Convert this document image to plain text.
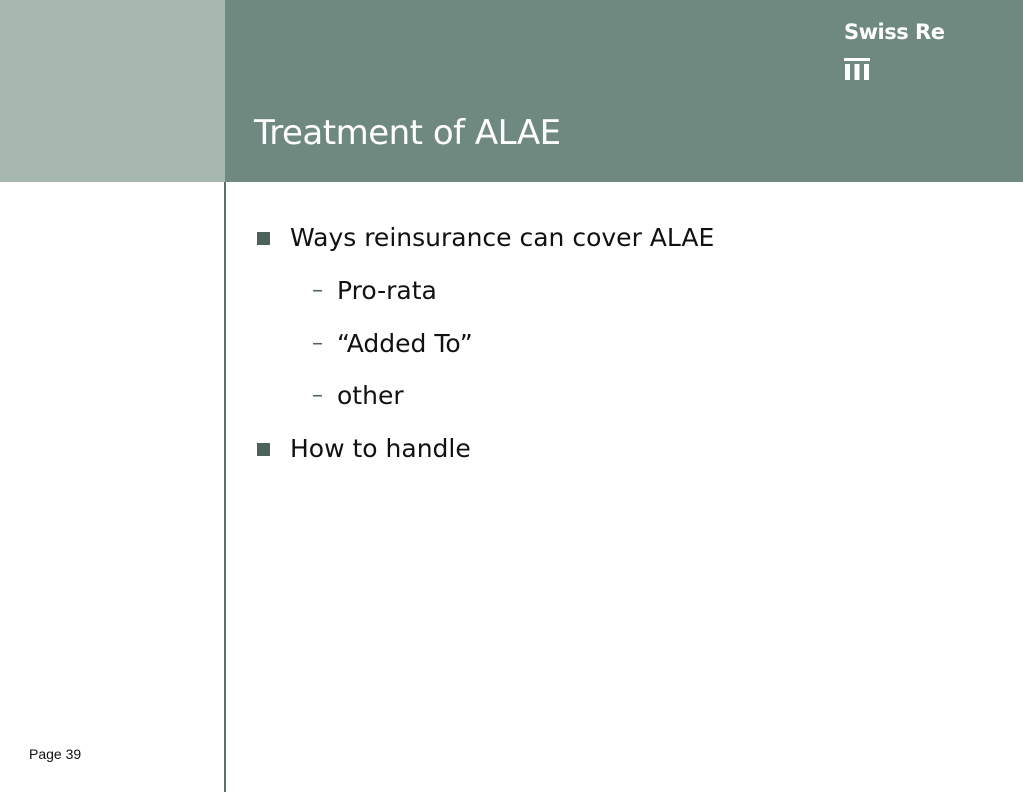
Swiss Re
Treatment of ALAE
Ways reinsurance can cover ALAE
– Pro-rata
– “Added To”
– other
How to handle
Page 39
